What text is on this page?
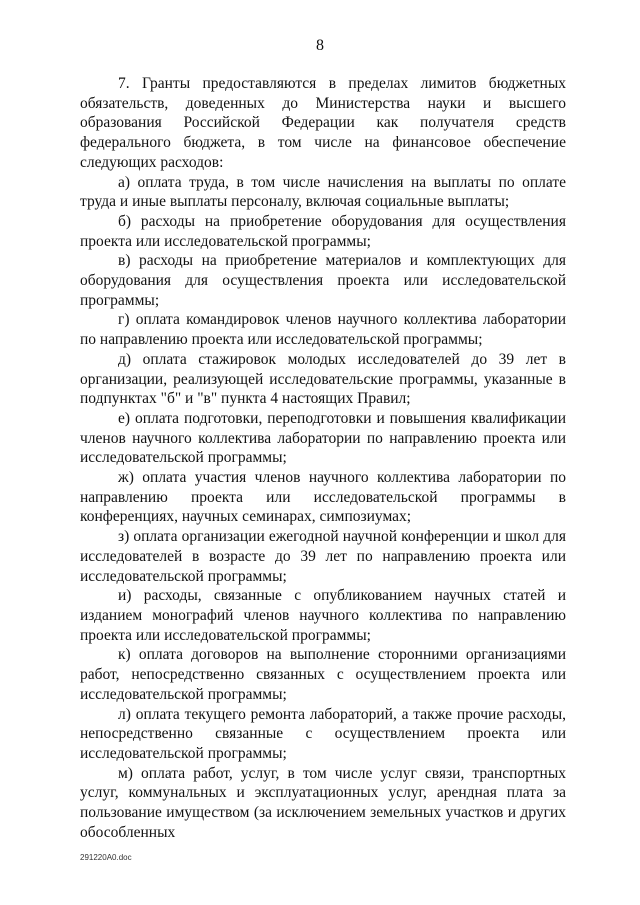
8

7. Гранты предоставляются в пределах лимитов бюджетных обязательств, доведенных до Министерства науки и высшего образования Российской Федерации как получателя средств федерального бюджета, в том числе на финансовое обеспечение следующих расходов:

а) оплата труда, в том числе начисления на выплаты по оплате труда и иные выплаты персоналу, включая социальные выплаты;

б) расходы на приобретение оборудования для осуществления проекта или исследовательской программы;

в) расходы на приобретение материалов и комплектующих для оборудования для осуществления проекта или исследовательской программы;

г) оплата командировок членов научного коллектива лаборатории по направлению проекта или исследовательской программы;

д) оплата стажировок молодых исследователей до 39 лет в организации, реализующей исследовательские программы, указанные в подпунктах "б" и "в" пункта 4 настоящих Правил;

е) оплата подготовки, переподготовки и повышения квалификации членов научного коллектива лаборатории по направлению проекта или исследовательской программы;

ж) оплата участия членов научного коллектива лаборатории по направлению проекта или исследовательской программы в конференциях, научных семинарах, симпозиумах;

з) оплата организации ежегодной научной конференции и школ для исследователей в возрасте до 39 лет по направлению проекта или исследовательской программы;

и) расходы, связанные с опубликованием научных статей и изданием монографий членов научного коллектива по направлению проекта или исследовательской программы;

к) оплата договоров на выполнение сторонними организациями работ, непосредственно связанных с осуществлением проекта или исследовательской программы;

л) оплата текущего ремонта лабораторий, а также прочие расходы, непосредственно связанные с осуществлением проекта или исследовательской программы;

м) оплата работ, услуг, в том числе услуг связи, транспортных услуг, коммунальных и эксплуатационных услуг, арендная плата за пользование имуществом (за исключением земельных участков и других обособленных

291220A0.doc
